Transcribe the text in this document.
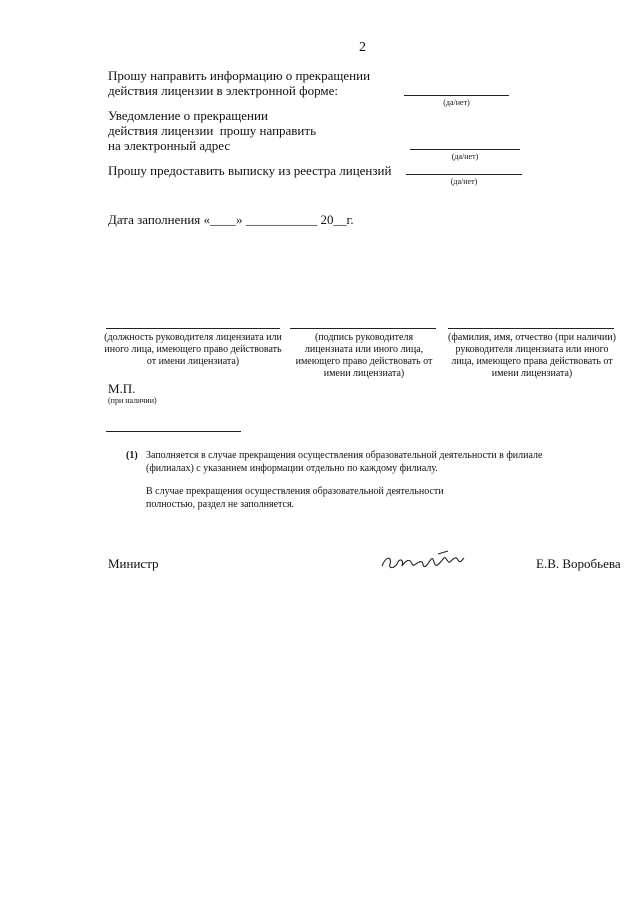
2
Прошу направить информацию о прекращении
действия лицензии в электронной форме:
(да/нет)
Уведомление о прекращении
действия лицензии  прошу направить
на электронный адрес
(да/нет)
Прошу предоставить выписку из реестра лицензий
(да/нет)
Дата заполнения «____» ___________ 20__г.
(должность руководителя лицензиата или иного лица, имеющего право действовать от имени лицензиата)
(подпись руководителя лицензиата или иного лица, имеющего право действовать от имени лицензиата)
(фамилия, имя, отчество (при наличии) руководителя лицензиата или иного лица, имеющего права действовать от имени лицензиата)
М.П.
(при наличии)
(1) Заполняется в случае прекращения осуществления образовательной деятельности в филиале (филиалах) с указанием информации отдельно по каждому филиалу.
В случае прекращения осуществления образовательной деятельности полностью, раздел не заполняется.
Министр	Е.В. Воробьева
